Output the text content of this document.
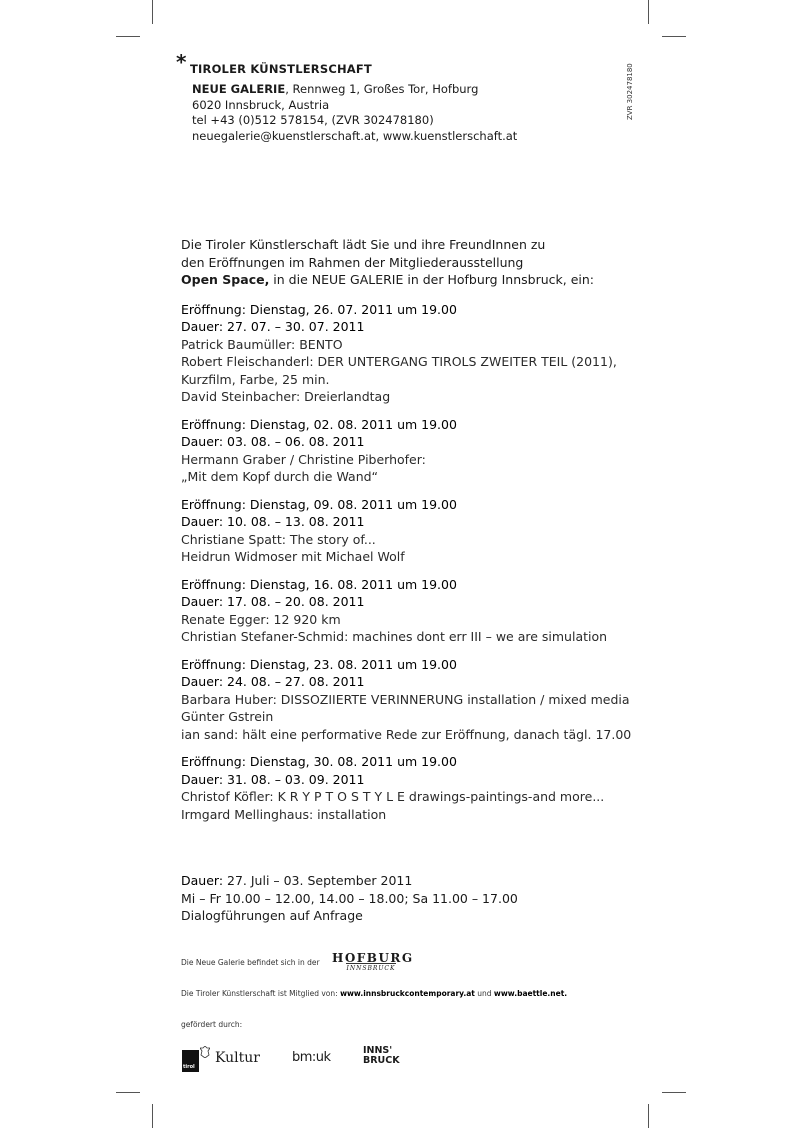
* TIROLER KÜNSTLERSCHAFT
NEUE GALERIE, Rennweg 1, Großes Tor, Hofburg
6020 Innsbruck, Austria
tel +43 (0)512 578154, (ZVR 302478180)
neuegalerie@kuenstlerschaft.at, www.kuenstlerschaft.at
ZVR 302478180

Die Tiroler Künstlerschaft lädt Sie und ihre FreundInnen zu

den Eröffnungen im Rahmen der Mitgliederausstellung

Open Space, in die NEUE GALERIE in der Hofburg Innsbruck, ein:

Eröffnung: Dienstag, 26. 07. 2011 um 19.00
Dauer: 27. 07. – 30. 07. 2011
Patrick Baumüller: BENTO
Robert Fleischanderl: DER UNTERGANG TIROLS ZWEITER TEIL (2011),
Kurzfilm, Farbe, 25 min.
David Steinbacher: Dreierlandtag
Eröffnung: Dienstag, 02. 08. 2011 um 19.00
Dauer: 03. 08. – 06. 08. 2011
Hermann Graber / Christine Piberhofer:
„Mit dem Kopf durch die Wand“
Eröffnung: Dienstag, 09. 08. 2011 um 19.00
Dauer: 10. 08. – 13. 08. 2011
Christiane Spatt: The story of...
Heidrun Widmoser mit Michael Wolf
Eröffnung: Dienstag, 16. 08. 2011 um 19.00
Dauer: 17. 08. – 20. 08. 2011
Renate Egger: 12 920 km
Christian Stefaner-Schmid: machines dont err III – we are simulation
Eröffnung: Dienstag, 23. 08. 2011 um 19.00
Dauer: 24. 08. – 27. 08. 2011
Barbara Huber: DISSOZIIERTE VERINNERUNG installation / mixed media
Günter Gstrein
ian sand: hält eine performative Rede zur Eröffnung, danach tägl. 17.00
Eröffnung: Dienstag, 30. 08. 2011 um 19.00
Dauer: 31. 08. – 03. 09. 2011
Christof Köfler: K R Y P T O S T Y L E drawings-paintings-and more...
Irmgard Mellinghaus: installation
Dauer: 27. Juli – 03. September 2011
Mi – Fr 10.00 – 12.00, 14.00 – 18.00; Sa 11.00 – 17.00
Dialogführungen auf Anfrage
Die Neue Galerie befindet sich in der HOFBURG
INNSBRUCK
Die Tiroler Künstlerschaft ist Mitglied von: www.innsbruckcontemporary.at und www.baettle.net.
gefördert durch:
tirol
Kultur bm:uk	INNS'
BRUCK
